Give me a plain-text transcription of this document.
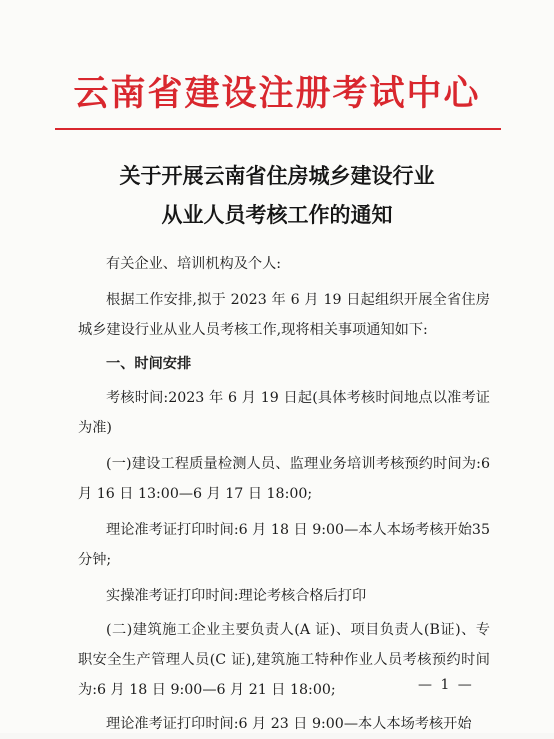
云南省建设注册考试中心
关于开展云南省住房城乡建设行业
从业人员考核工作的通知

有关企业、培训机构及个人:

根据工作安排,拟于 2023 年 6 月 19 日起组织开展全省住房城乡建设行业从业人员考核工作,现将相关事项通知如下:

一、时间安排

考核时间:2023 年 6 月 19 日起(具体考核时间地点以准考证为准)

(一)建设工程质量检测人员、监理业务培训考核预约时间为:6 月 16 日 13:00—6 月 17 日 18:00;

理论准考证打印时间:6 月 18 日 9:00—本人本场考核开始35 分钟;

实操准考证打印时间:理论考核合格后打印

(二)建筑施工企业主要负责人(A 证)、项目负责人(B证)、专职安全生产管理人员(C 证),建筑施工特种作业人员考核预约时间为:6 月 18 日 9:00—6 月 21 日 18:00;

理论准考证打印时间:6 月 23 日 9:00—本人本场考核开始

— 1 —
